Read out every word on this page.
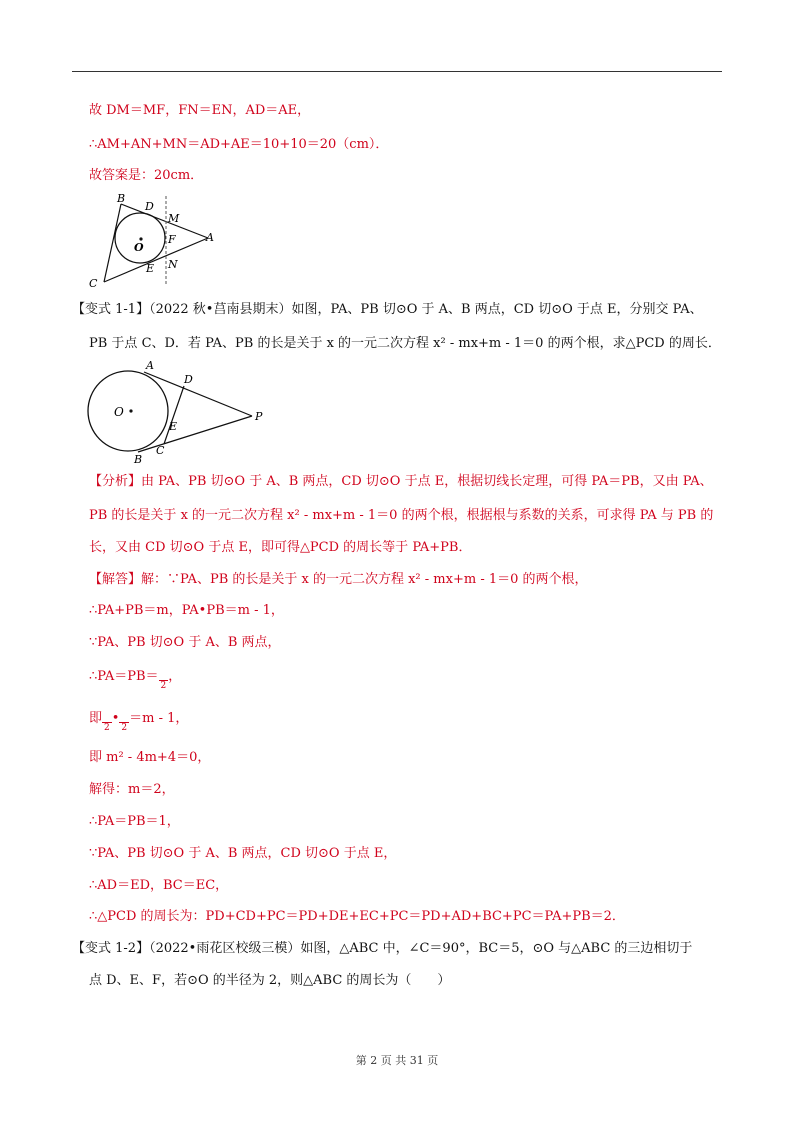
故 DM＝MF，FN＝EN，AD＝AE，
∴AM+AN+MN＝AD+AE＝10+10＝20（cm）．
故答案是：20cm．
B
D
M
O
F	A
E N
C
【变式 1-1】（2022 秋•莒南县期末）如图，PA、PB 切⊙O 于 A、B 两点，CD 切⊙O 于点 E，分别交 PA、
PB 于点 C、D．若 PA、PB 的长是关于 x 的一元二次方程 x² - mx+m - 1＝0 的两个根，求△PCD 的周长．
A
D
O	P
E
C
B
【分析】由 PA、PB 切⊙O 于 A、B 两点，CD 切⊙O 于点 E，根据切线长定理，可得 PA＝PB，又由 PA、
PB 的长是关于 x 的一元二次方程 x² - mx+m - 1＝0 的两个根，根据根与系数的关系，可求得 PA 与 PB 的
长，又由 CD 切⊙O 于点 E，即可得△PCD 的周长等于 PA+PB．
【解答】解：∵PA、PB 的长是关于 x 的一元二次方程 x² - mx+m - 1＝0 的两个根，
∴PA+PB＝m，PA•PB＝m - 1，
∵PA、PB 切⊙O 于 A、B 两点，
∴PA＝PB＝2，
即2•2＝m - 1，
即 m² - 4m+4＝0，
解得：m＝2，
∴PA＝PB＝1，
∵PA、PB 切⊙O 于 A、B 两点，CD 切⊙O 于点 E，
∴AD＝ED，BC＝EC，
∴△PCD 的周长为：PD+CD+PC＝PD+DE+EC+PC＝PD+AD+BC+PC＝PA+PB＝2．
【变式 1-2】（2022•雨花区校级三模）如图，△ABC 中，∠C＝90°，BC＝5，⊙O 与△ABC 的三边相切于
点 D、E、F，若⊙O 的半径为 2，则△ABC 的周长为（　　）
第 2 页 共 31 页
